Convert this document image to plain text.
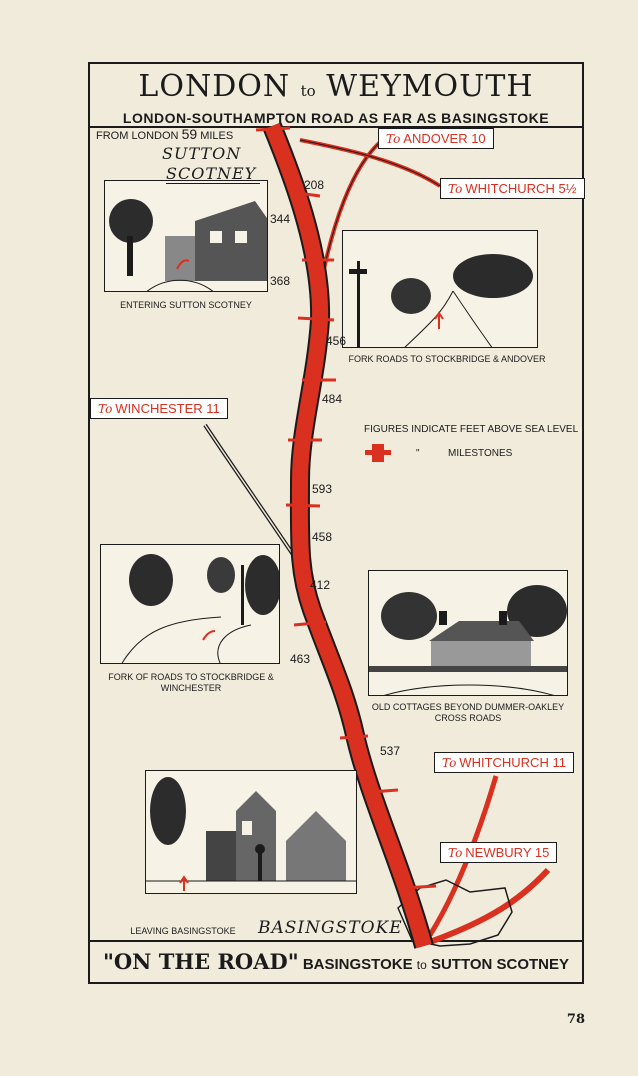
LONDON to WEYMOUTH
LONDON-SOUTHAMPTON ROAD AS FAR AS BASINGSTOKE
"ON THE ROAD" BASINGSTOKE to SUTTON SCOTNEY
ENTERING SUTTON SCOTNEY
FORK ROADS TO STOCKBRIDGE & ANDOVER
FORK OF ROADS TO STOCKBRIDGE &
WINCHESTER
OLD COTTAGES BEYOND DUMMER-OAKLEY
CROSS ROADS
LEAVING BASINGSTOKE
FROM LONDON 59 MILES
SUTTON
SCOTNEY
BASINGSTOKE
To ANDOVER 10
To WHITCHURCH 5½
To WINCHESTER 11
To WHITCHURCH 11
To NEWBURY 15
208
344
368
456
484
593
458
412
463
537
FIGURES INDICATE FEET ABOVE SEA LEVEL
"	MILESTONES
78
